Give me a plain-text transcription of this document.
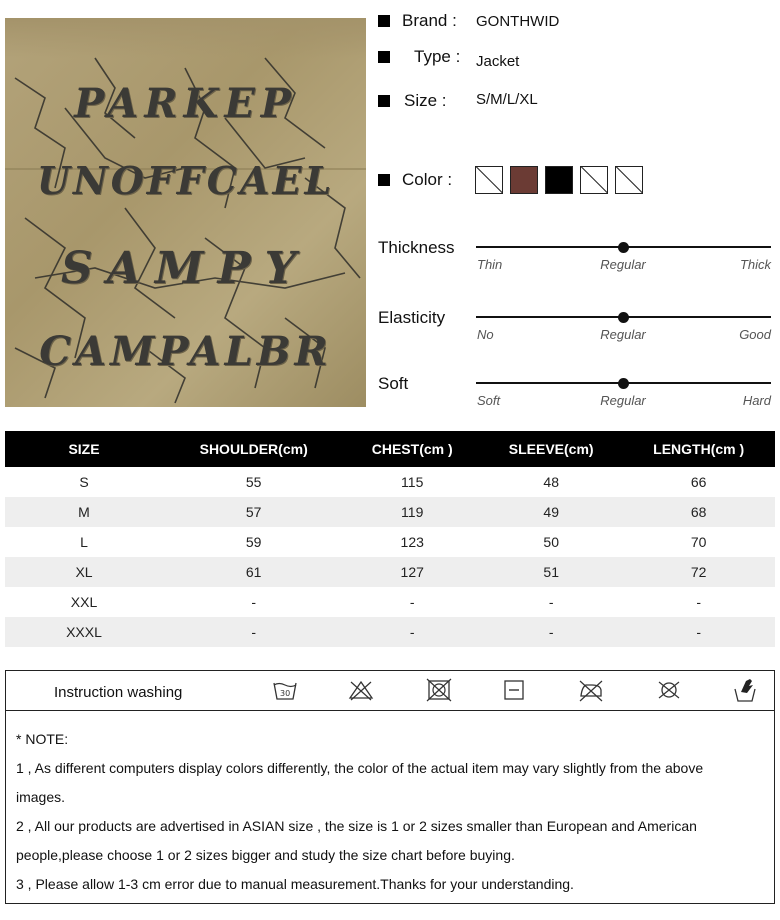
PARKEP
UNOFFCAEL
SAMPY
CAMPALBR
Brand : GONTHWID
Type : Jacket
Size : S/M/L/XL
Color :
Thickness
Thin	Regular	Thick
Elasticity
No	Regular	Good
Soft
Soft	Regular	Hard
SIZE	SHOULDER(cm)	CHEST(cm )	SLEEVE(cm)	LENGTH(cm )
S	55	115	48	66
M	57	119	49	68
L	59	123	50	70
XL	61	127	51	72
XXL	-	-	-	-
XXXL	-	-	-	-
Instruction washing	30
* NOTE:
1 , As different computers display colors differently, the color of the actual item may vary slightly from the above
images.
2 , All our products are advertised in ASIAN size , the size is 1 or 2 sizes smaller than European and American
people,please choose 1 or 2 sizes bigger and study the size chart before buying.
3 , Please allow 1-3 cm error due to manual measurement.Thanks for your understanding.
